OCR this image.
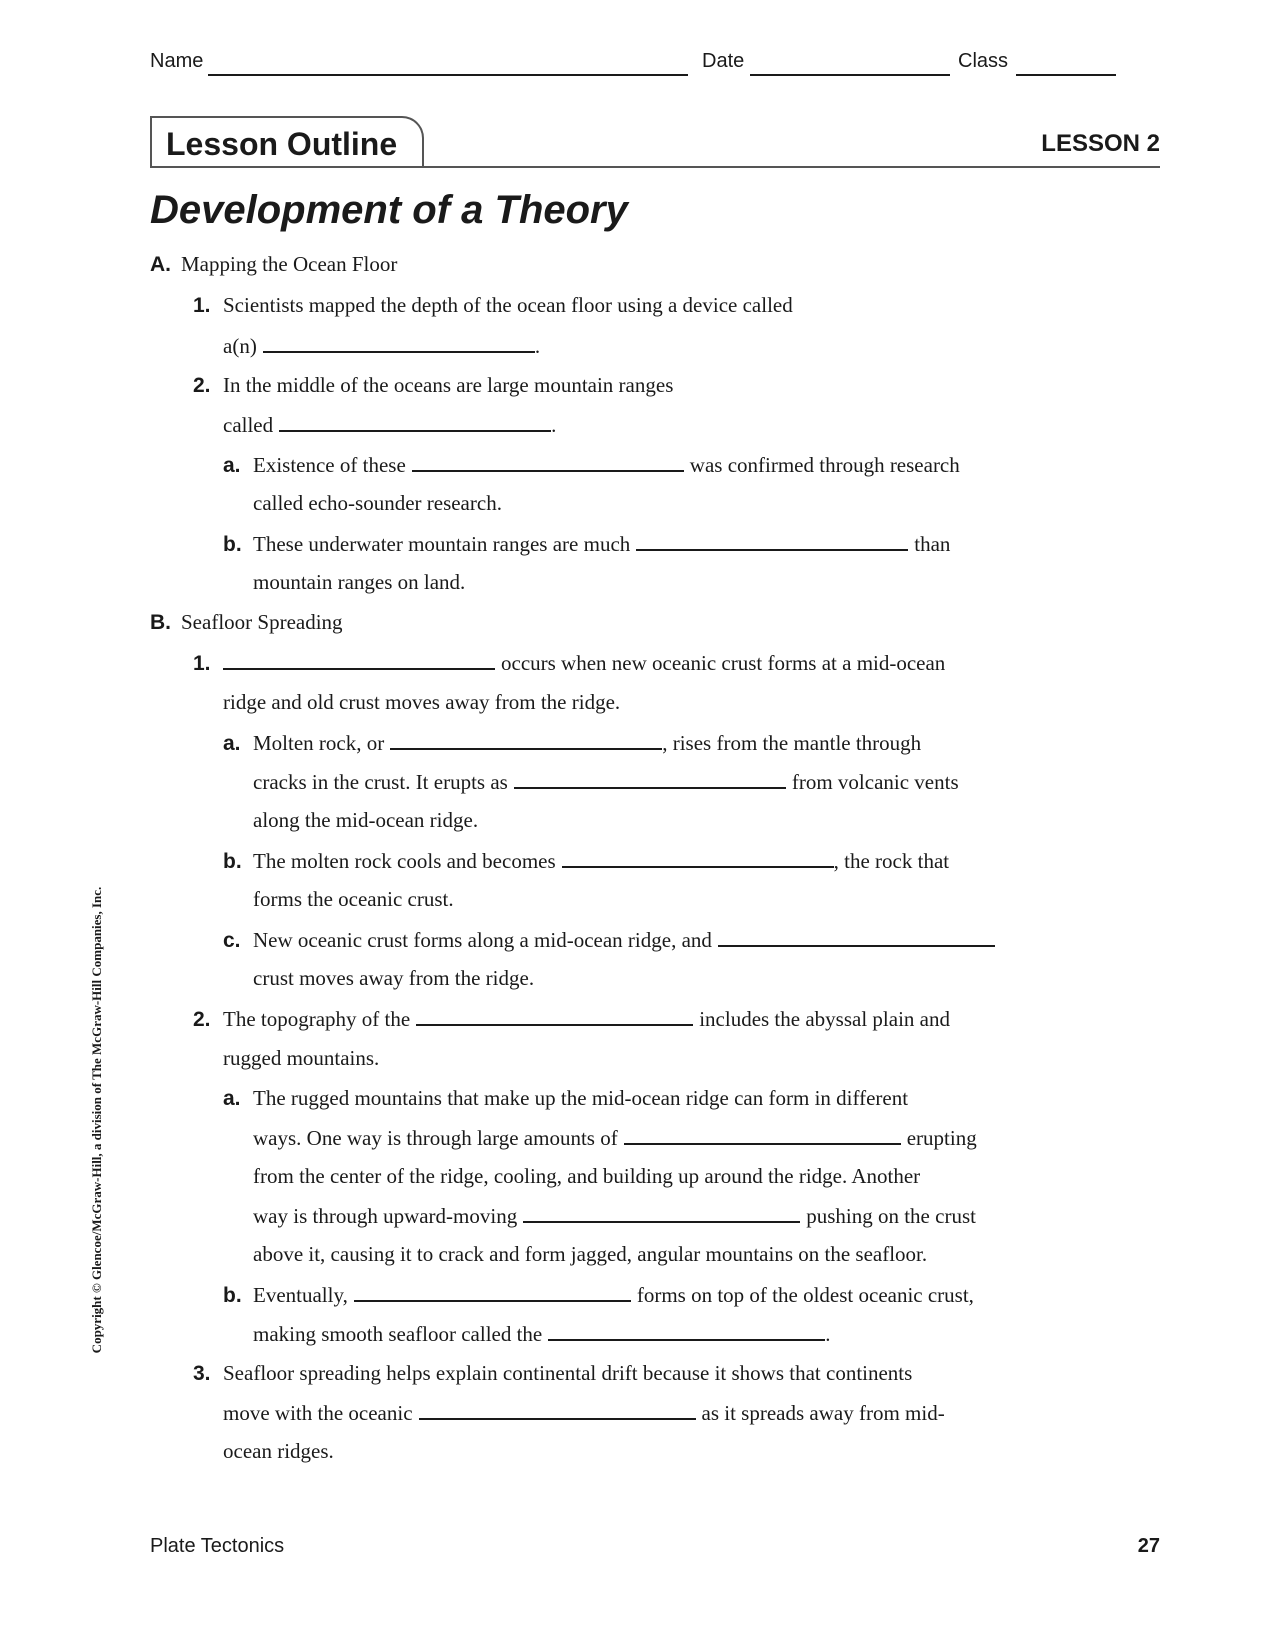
Name	Date	Class
Lesson Outline	LESSON 2
Development of a Theory
A. Mapping the Ocean Floor
1. Scientists mapped the depth of the ocean floor using a device called
a(n)	.
2. In the middle of the oceans are large mountain ranges
called	.
a. Existence of these	was confirmed through research
called echo-sounder research.
b. These underwater mountain ranges are much	than
mountain ranges on land.
B. Seafloor Spreading
1.	occurs when new oceanic crust forms at a mid-ocean
ridge and old crust moves away from the ridge.
a. Molten rock, or	, rises from the mantle through
cracks in the crust. It erupts as	from volcanic vents
along the mid-ocean ridge.
b. The molten rock cools and becomes	, the rock that
forms the oceanic crust.
c. New oceanic crust forms along a mid-ocean ridge, and
crust moves away from the ridge.
2. The topography of the	includes the abyssal plain and
rugged mountains.
a. The rugged mountains that make up the mid-ocean ridge can form in different
ways. One way is through large amounts of	erupting
from the center of the ridge, cooling, and building up around the ridge. Another
way is through upward-moving	pushing on the crust
above it, causing it to crack and form jagged, angular mountains on the seafloor.
b. Eventually,	forms on top of the oldest oceanic crust,
making smooth seafloor called the	.
3. Seafloor spreading helps explain continental drift because it shows that continents
move with the oceanic	as it spreads away from mid-
ocean ridges.
Plate Tectonics	27
Copyright © Glencoe/McGraw-Hill, a division of The McGraw-Hill Companies, Inc.
